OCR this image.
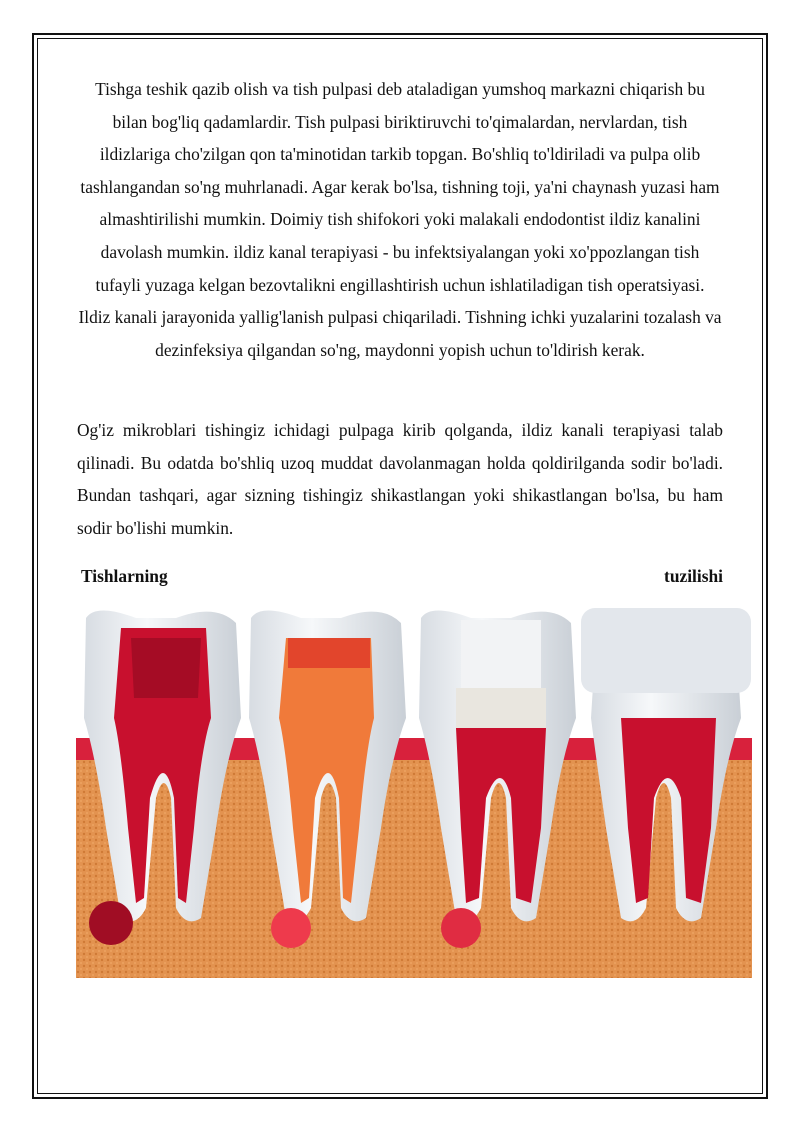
Tishga teshik qazib olish va tish pulpasi deb ataladigan yumshoq markazni chiqarish bu bilan bog'liq qadamlardir. Tish pulpasi biriktiruvchi to'qimalardan, nervlardan, tish ildizlariga cho'zilgan qon ta'minotidan tarkib topgan. Bo'shliq to'ldiriladi va pulpa olib tashlangandan so'ng muhrlanadi. Agar kerak bo'lsa, tishning toji, ya'ni chaynash yuzasi ham almashtirilishi mumkin. Doimiy tish shifokori yoki malakali endodontist ildiz kanalini davolash mumkin. ildiz kanal terapiyasi - bu infektsiyalangan yoki xo'ppozlangan tish tufayli yuzaga kelgan bezovtalikni engillashtirish uchun ishlatiladigan tish operatsiyasi. Ildiz kanali jarayonida yallig'lanish pulpasi chiqariladi. Tishning ichki yuzalarini tozalash va dezinfeksiya qilgandan so'ng, maydonni yopish uchun to'ldirish kerak.

Og'iz mikroblari tishingiz ichidagi pulpaga kirib qolganda, ildiz kanali terapiyasi talab qilinadi. Bu odatda bo'shliq uzoq muddat davolanmagan holda qoldirilganda sodir bo'ladi. Bundan tashqari, agar sizning tishingiz shikastlangan yoki shikastlangan bo'lsa, bu ham sodir bo'lishi mumkin.

Tishlarning	tuzilishi
